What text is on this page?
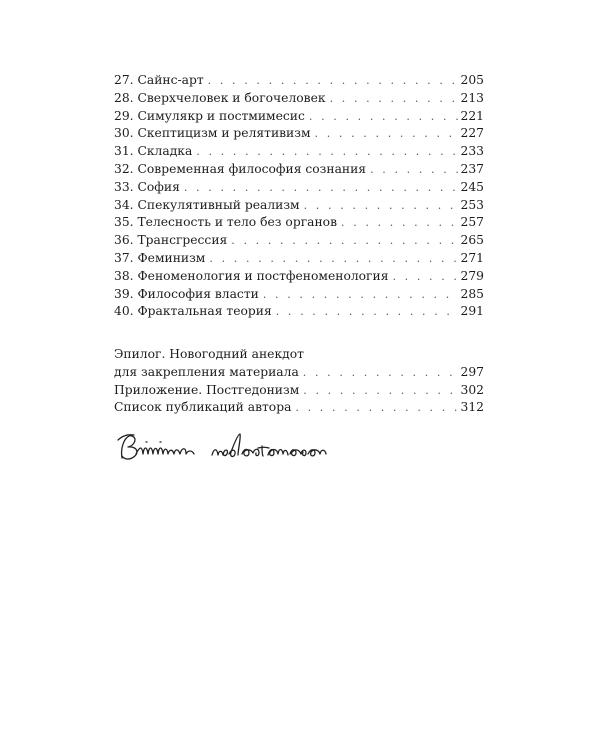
27. Сайнс-арт . . .	205
28. Сверхчеловек и богочеловек . . .	213
29. Симулякр и постмимесис . . .	221
30. Скептицизм и релятивизм . . .	227
31. Складка . . .	233
32. Современная философия сознания . . .	237
33. София . . .	245
34. Спекулятивный реализм . . .	253
35. Телесность и тело без органов . . .	257
36. Трансгрессия . . .	265
37. Феминизм . . .	271
38. Феноменология и постфеноменология . . .	279
39. Философия власти . . .	285
40. Фрактальная теория . . .	291
Эпилог. Новогодний анекдот
для закрепления материала . . .	297
Приложение. Постгедонизм . . .	302
Список публикаций автора . . .	312
